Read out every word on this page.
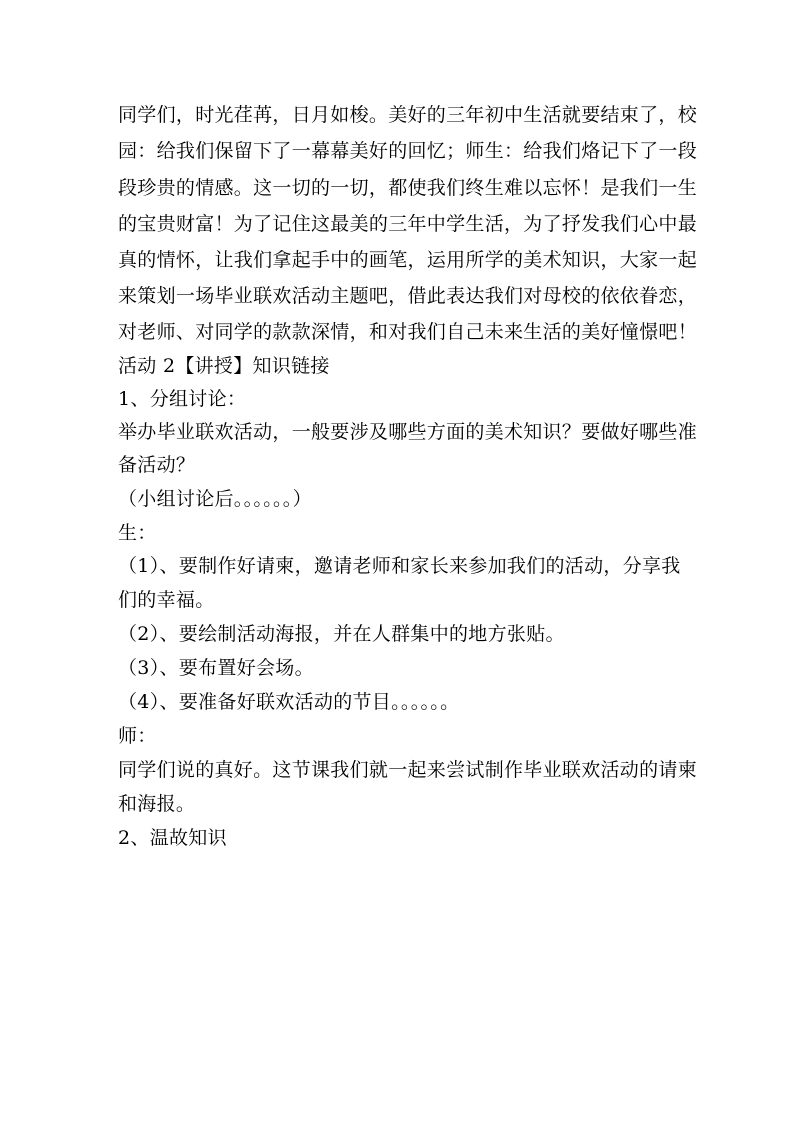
同学们，时光荏苒，日月如梭。美好的三年初中生活就要结束了，校
园：给我们保留下了一幕幕美好的回忆；师生：给我们烙记下了一段
段珍贵的情感。这一切的一切，都使我们终生难以忘怀！是我们一生
的宝贵财富！为了记住这最美的三年中学生活，为了抒发我们心中最
真的情怀，让我们拿起手中的画笔，运用所学的美术知识，大家一起
来策划一场毕业联欢活动主题吧，借此表达我们对母校的依依眷恋，
对老师、对同学的款款深情，和对我们自己未来生活的美好憧憬吧！
活动 2【讲授】知识链接
1、分组讨论：
举办毕业联欢活动，一般要涉及哪些方面的美术知识？要做好哪些准
备活动？
（小组讨论后。。。。。。）
生：
（1）、要制作好请柬，邀请老师和家长来参加我们的活动，分享我
们的幸福。
（2）、要绘制活动海报，并在人群集中的地方张贴。
（3）、要布置好会场。
（4）、要准备好联欢活动的节目。。。。。。
师：
同学们说的真好。这节课我们就一起来尝试制作毕业联欢活动的请柬
和海报。
2、温故知识
